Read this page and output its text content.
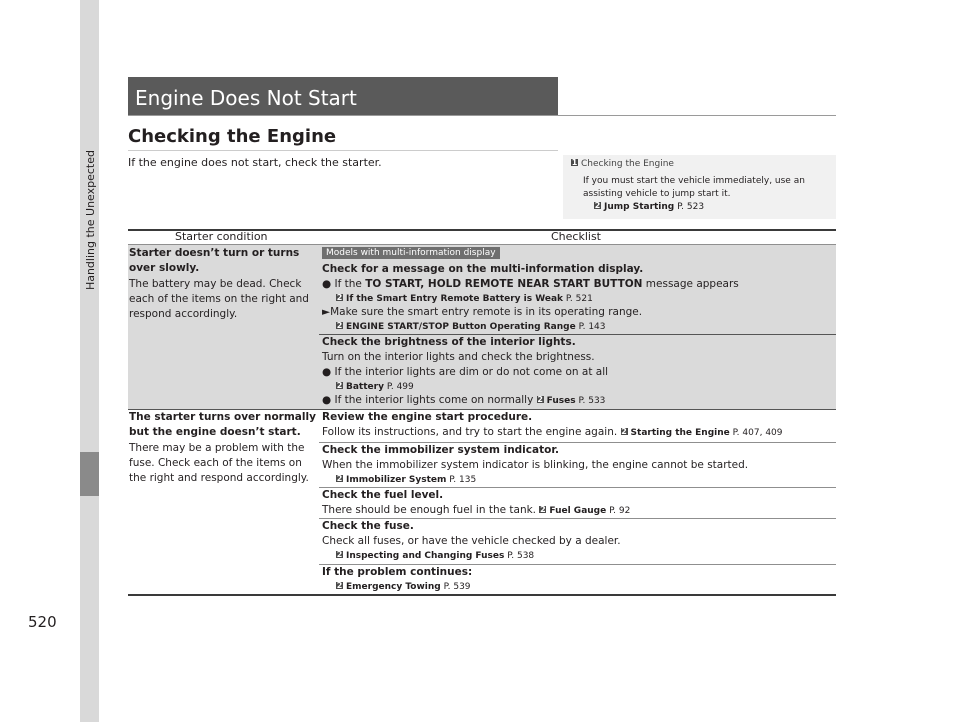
Handling the Unexpected
520
Engine Does Not Start
Checking the Engine
If the engine does not start, check the starter.	1 Checking the Engine
If you must start the vehicle immediately, use an
assisting vehicle to jump start it.
2 Jump Starting P. 523
Starter condition	Checklist
Starter doesn’t turn or turns
over slowly.
The battery may be dead. Check
each of the items on the right and
respond accordingly.
Models with multi-information display
Check for a message on the multi-information display.
● If the TO START, HOLD REMOTE NEAR START BUTTON message appears
2 If the Smart Entry Remote Battery is Weak P. 521
►Make sure the smart entry remote is in its operating range.
2 ENGINE START/STOP Button Operating Range P. 143
Check the brightness of the interior lights.
Turn on the interior lights and check the brightness.
● If the interior lights are dim or do not come on at all
2 Battery P. 499
● If the interior lights come on normally 2 Fuses P. 533
The starter turns over normally
but the engine doesn’t start.
There may be a problem with the
fuse. Check each of the items on
the right and respond accordingly.
Review the engine start procedure.
Follow its instructions, and try to start the engine again. 2 Starting the Engine P. 407, 409
Check the immobilizer system indicator.
When the immobilizer system indicator is blinking, the engine cannot be started.
2 Immobilizer System P. 135
Check the fuel level.
There should be enough fuel in the tank. 2 Fuel Gauge P. 92
Check the fuse.
Check all fuses, or have the vehicle checked by a dealer.
2 Inspecting and Changing Fuses P. 538
If the problem continues:
2 Emergency Towing P. 539
